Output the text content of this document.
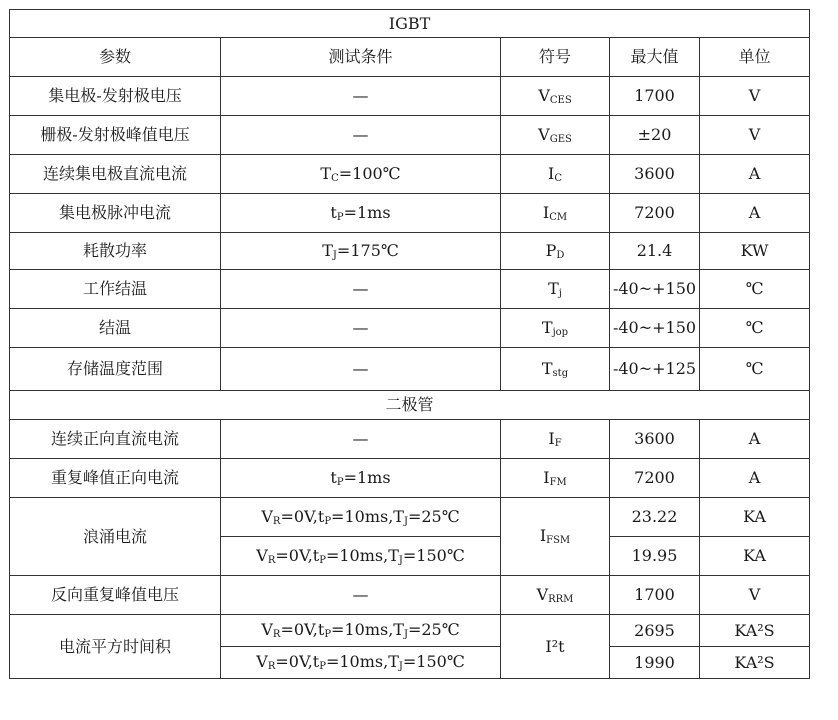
IGBT				
参数	测试条件	符号	最大值	单位
集电极-发射极电压	—	$V_{CES}$	1700	V
栅极-发射极峰值电压	—	$V_{GES}$	±20	V
连续集电极直流电流	$T_C=100℃$	$I_C$	3600	A
集电极脉冲电流	$t_P=1ms$	$I_{CM}$	7200	A
耗散功率	$T_J=175℃$	$P_D$	21.4	KW
工作结温	—	$T_j$	-40~+150	℃
结温	—	$T_{jop}$	-40~+150	℃
存储温度范围	—	$T_{stg}$	-40~+125	℃
二极管				
连续正向直流电流	—	$I_F$	3600	A
重复峰值正向电流	$t_P=1ms$	$I_{FM}$	7200	A
浪涌电流	$V_R=0V,t_P=10ms,T_J=25℃$	$I_{FSM}$	23.22	KA
	$V_R=0V,t_P=10ms,T_J=150℃$		19.95	KA
反向重复峰值电压	—	$V_{RRM}$	1700	V
电流平方时间积	$V_R=0V,t_P=10ms,T_J=25℃$	I²t	2695	KA²S
	$V_R=0V,t_P=10ms,T_J=150℃$		1990	KA²S
